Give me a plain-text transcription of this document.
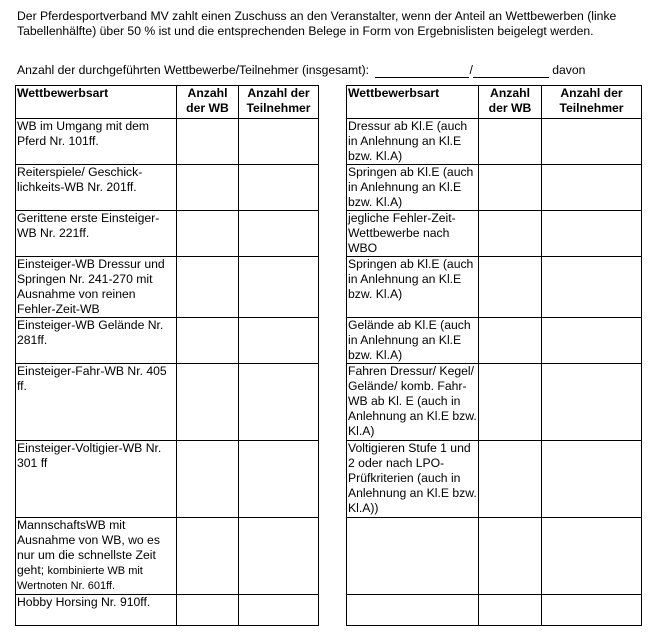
Der Pferdesportverband MV zahlt einen Zuschuss an den Veranstalter, wenn der Anteil an Wettbewerben (linke Tabellenhälfte) über 50 % ist und die entsprechenden Belege in Form von Ergebnislisten beigelegt werden.
Anzahl der durchgeführten Wettbewerbe/Teilnehmer (insgesamt):	/	davon
Wettbewerbsart	Anzahl der WB	Anzahl der Teilnehmer
WB im Umgang mit dem Pferd Nr. 101ff.		
Reiterspiele/ Geschick-lichkeits-WB Nr. 201ff.		
Gerittene erste Einsteiger-WB Nr. 221ff.		
Einsteiger-WB Dressur und Springen Nr. 241-270 mit Ausnahme von reinen Fehler-Zeit-WB		
Einsteiger-WB Gelände Nr. 281ff.		
Einsteiger-Fahr-WB Nr. 405 ff.		
Einsteiger-Voltigier-WB Nr. 301 ff		
MannschaftsWB mit Ausnahme von WB, wo es nur um die schnellste Zeit geht; kombinierte WB mit Wertnoten Nr. 601ff.		
Hobby Horsing Nr. 910ff.		
Wettbewerbsart	Anzahl der WB	Anzahl der Teilnehmer
Dressur ab Kl.E (auch in Anlehnung an Kl.E bzw. Kl.A)		
Springen ab Kl.E (auch in Anlehnung an Kl.E bzw. Kl.A)		
jegliche Fehler-Zeit-Wettbewerbe nach WBO		
Springen ab Kl.E (auch in Anlehnung an Kl.E bzw. Kl.A)		
Gelände ab Kl.E (auch in Anlehnung an Kl.E bzw. Kl.A)		
Fahren Dressur/ Kegel/ Gelände/ komb. Fahr-WB ab Kl. E (auch in Anlehnung an Kl.E bzw. Kl.A)		
Voltigieren Stufe 1 und 2 oder nach LPO-Prüfkriterien (auch in Anlehnung an Kl.E bzw. Kl.A))		
